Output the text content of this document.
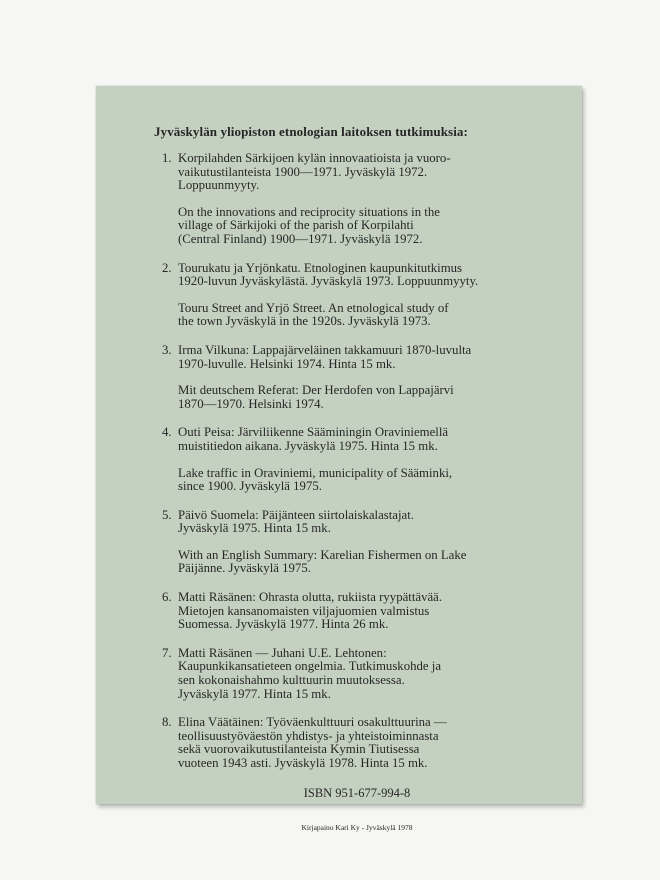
Jyväskylän yliopiston etnologian laitoksen tutkimuksia:
1. Korpilahden Särkijoen kylän innovaatioista ja vuoro-
vaikutustilanteista 1900—1971. Jyväskylä 1972.
Loppuunmyyty.

On the innovations and reciprocity situations in the
village of Särkijoki of the parish of Korpilahti
(Central Finland) 1900—1971. Jyväskylä 1972.

2. Tourukatu ja Yrjönkatu. Etnologinen kaupunkitutkimus
1920-luvun Jyväskylästä. Jyväskylä 1973. Loppuunmyyty.

Touru Street and Yrjö Street. An etnological study of
the town Jyväskylä in the 1920s. Jyväskylä 1973.

3. Irma Vilkuna: Lappajärveläinen takkamuuri 1870-luvulta
1970-luvulle. Helsinki 1974. Hinta 15 mk.

Mit deutschem Referat: Der Herdofen von Lappajärvi
1870—1970. Helsinki 1974.

4. Outi Peisa: Järviliikenne Sääminingin Oraviniemellä
muistitiedon aikana. Jyväskylä 1975. Hinta 15 mk.

Lake traffic in Oraviniemi, municipality of Sääminki,
since 1900. Jyväskylä 1975.

5. Päivö Suomela: Päijänteen siirtolaiskalastajat.
Jyväskylä 1975. Hinta 15 mk.

With an English Summary: Karelian Fishermen on Lake
Päijänne. Jyväskylä 1975.

6. Matti Räsänen: Ohrasta olutta, rukiista ryypättävää.
Mietojen kansanomaisten viljajuomien valmistus
Suomessa. Jyväskylä 1977. Hinta 26 mk.

7. Matti Räsänen — Juhani U.E. Lehtonen:
Kaupunkikansatieteen ongelmia. Tutkimuskohde ja
sen kokonaishahmo kulttuurin muutoksessa.
Jyväskylä 1977. Hinta 15 mk.

8. Elina Väätäinen: Työväenkulttuuri osakulttuurina —
teollisuustyöväestön yhdistys- ja yhteistoiminnasta
sekä vuorovaikutustilanteista Kymin Tiutisessa
vuoteen 1943 asti. Jyväskylä 1978. Hinta 15 mk.

ISBN 951-677-994-8
Kirjapaino Kari Ky - Jyväskylä 1978
